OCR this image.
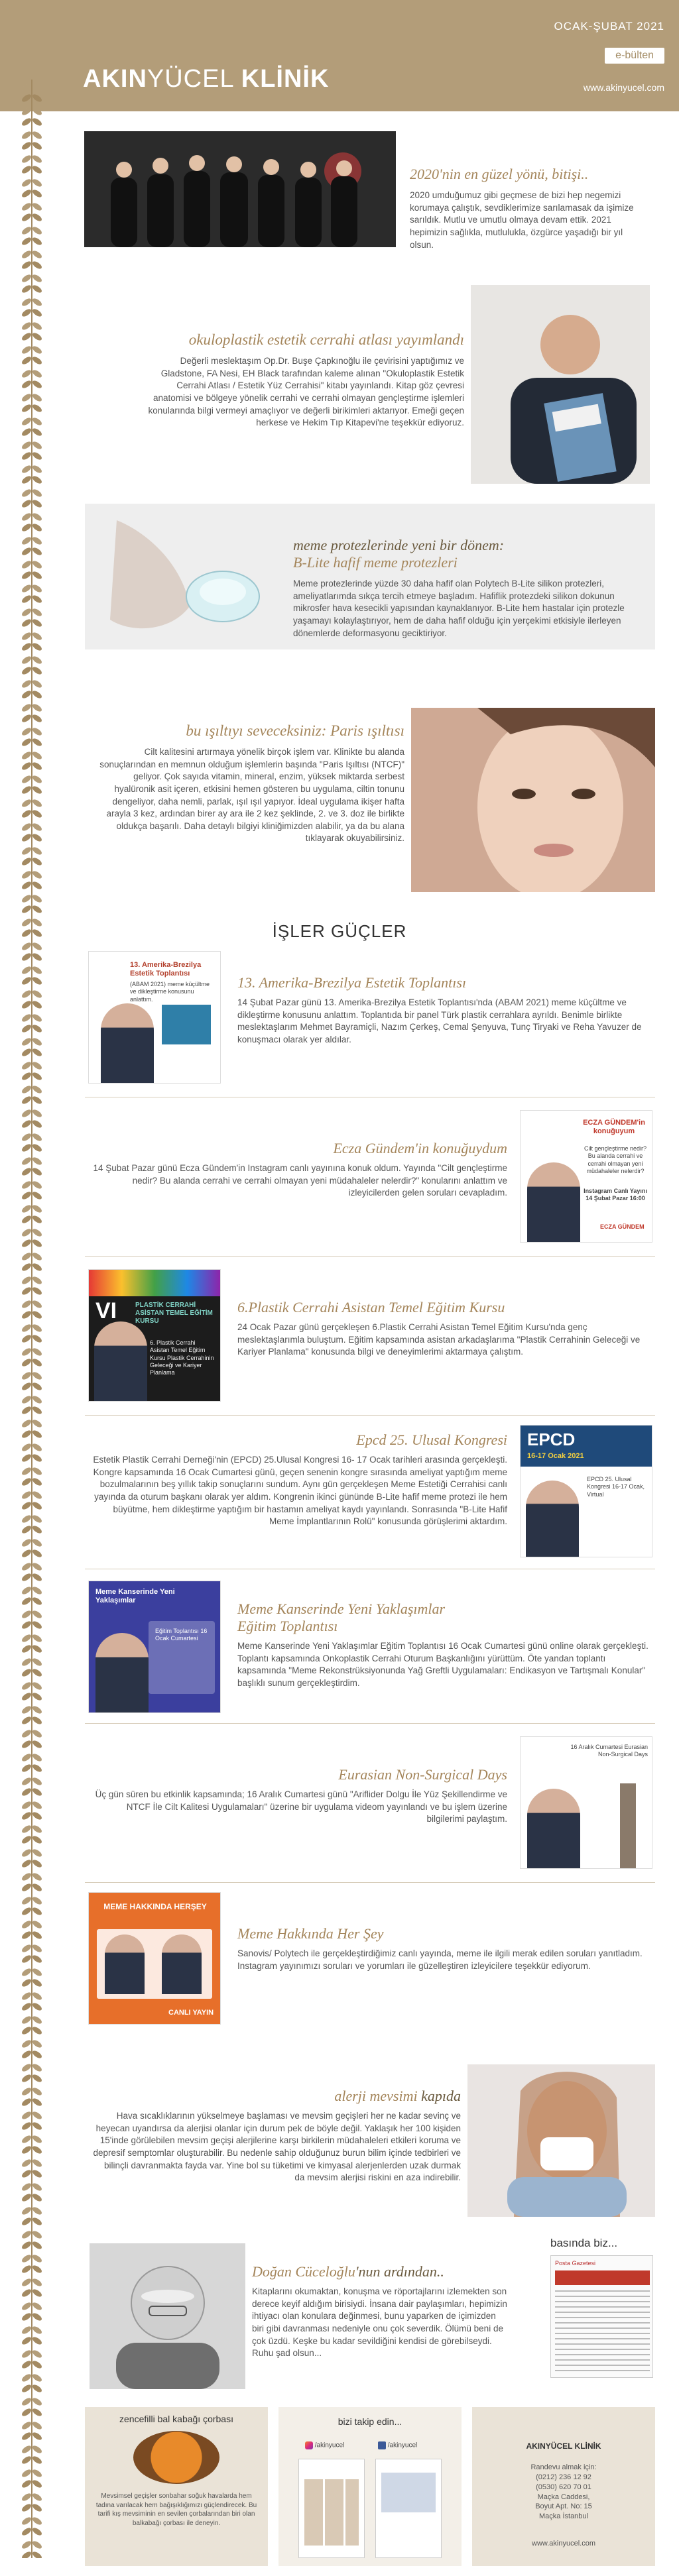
OCAK-ŞUBAT 2021
e-bülten
AKINYÜCEL KLİNİK	www.akinyucel.com
2020'nin en güzel yönü, bitişi..
2020 umduğumuz gibi geçmese de bizi hep negemizi korumaya çalıştık, sevdiklerimize sarılamasak da işimize sarıldık. Mutlu ve umutlu olmaya devam ettik. 2021 hepimizin sağlıkla, mutlulukla, özgürce yaşadığı bir yıl olsun.
okuloplastik estetik cerrahi atlası yayımlandı
Değerli meslektaşım Op.Dr. Buşe Çapkınoğlu ile çevirisini yaptığımız ve Gladstone, FA Nesi, EH Black tarafından kaleme alınan "Okuloplastik Estetik Cerrahi Atlası / Estetik Yüz Cerrahisi" kitabı yayınlandı. Kitap göz çevresi anatomisi ve bölgeye yönelik cerrahi ve cerrahi olmayan gençleştirme işlemleri konularında bilgi vermeyi amaçlıyor ve değerli birikimleri aktarıyor. Emeği geçen herkese ve Hekim Tıp Kitapevi'ne teşekkür ediyoruz.
meme protezlerinde yeni bir dönem:
B-Lite hafif meme protezleri
Meme protezlerinde yüzde 30 daha hafif olan Polytech B-Lite silikon protezleri, ameliyatlarımda sıkça tercih etmeye başladım. Hafiflik protezdeki silikon dokunun mikrosfer hava kesecikli yapısından kaynaklanıyor. B-Lite hem hastalar için protezle yaşamayı kolaylaştırıyor, hem de daha hafif olduğu için yerçekimi etkisiyle ilerleyen dönemlerde deformasyonu geciktiriyor.
bu ışıltıyı seveceksiniz: Paris ışıltısı
Cilt kalitesini artırmaya yönelik birçok işlem var. Klinikte bu alanda sonuçlarından en memnun olduğum işlemlerin başında "Paris Işıltısı (NTCF)" geliyor. Çok sayıda vitamin, mineral, enzim, yüksek miktarda serbest hyalüronik asit içeren, etkisini hemen gösteren bu uygulama, ciltin tonunu dengeliyor, daha nemli, parlak, ışıl ışıl yapıyor. İdeal uygulama ikişer hafta arayla 3 kez, ardından birer ay ara ile 2 kez şeklinde, 2. ve 3. doz ile birlikte oldukça başarılı. Daha detaylı bilgiyi kliniğimizden alabilir, ya da bu alana tıklayarak okuyabilirsiniz.
İŞLER GÜÇLER
13. Amerika-Brezilya Estetik Toplantısı
(ABAM 2021) meme küçültme ve dikleştirme konusunu anlattım.
13. Amerika-Brezilya Estetik Toplantısı
14 Şubat Pazar günü 13. Amerika-Brezilya Estetik Toplantısı'nda (ABAM 2021) meme küçültme ve dikleştirme konusunu anlattım. Toplantıda bir panel Türk plastik cerrahlara ayrıldı. Benimle birlikte meslektaşlarım Mehmet Bayramiçli, Nazım Çerkeş, Cemal Şenyuva, Tunç Tiryaki ve Reha Yavuzer de konuşmacı olarak yer aldılar.
Ecza Gündem'in konuğuydum
14 Şubat Pazar günü Ecza Gündem'in Instagram canlı yayınına konuk oldum. Yayında "Cilt gençleştirme nedir? Bu alanda cerrahi ve cerrahi olmayan yeni müdahaleler nelerdir?" konularını anlattım ve izleyicilerden gelen soruları cevapladım.
ECZA GÜNDEM'in konuğuyum
Cilt gençleştirme nedir? Bu alanda cerrahi ve cerrahi olmayan yeni müdahaleler nelerdir?
Instagram Canlı Yayını 14 Şubat Pazar 16:00
ECZA GÜNDEM
VI	PLASTİK CERRAHİ ASİSTAN TEMEL EĞİTİM KURSU
6. Plastik Cerrahi Asistan Temel Eğitim Kursu Plastik Cerrahinin Geleceği ve Kariyer Planlama
6.Plastik Cerrahi Asistan Temel Eğitim Kursu
24 Ocak Pazar günü gerçekleşen 6.Plastik Cerrahi Asistan Temel Eğitim Kursu'nda genç meslektaşlarımla buluştum. Eğitim kapsamında asistan arkadaşlarıma "Plastik Cerrahinin Geleceği ve Kariyer Planlama" konusunda bilgi ve deneyimlerimi aktarmaya çalıştım.
Epcd 25. Ulusal Kongresi
Estetik Plastik Cerrahi Derneği'nin (EPCD) 25.Ulusal Kongresi 16- 17 Ocak tarihleri arasında gerçekleşti. Kongre kapsamında 16 Ocak Cumartesi günü, geçen senenin kongre sırasında ameliyat yaptığım meme bozulmalarının beş yıllık takip sonuçlarını sundum. Aynı gün gerçekleşen Meme Estetiği Cerrahisi canlı yayında da oturum başkanı olarak yer aldım. Kongrenin ikinci gününde B-Lite hafif meme protezi ile hem büyütme, hem dikleştirme yaptığım bir hastamın ameliyat kaydı yayınlandı. Sonrasında "B-Lite Hafif Meme İmplantlarının Rolü" konusunda görüşlerimi aktardım.
EPCD
16-17 Ocak 2021
EPCD 25. Ulusal Kongresi 16-17 Ocak, Virtual
Meme Kanserinde Yeni Yaklaşımlar
Eğitim Toplantısı 16 Ocak Cumartesi
Meme Kanserinde Yeni Yaklaşımlar
Eğitim Toplantısı
Meme Kanserinde Yeni Yaklaşımlar Eğitim Toplantısı 16 Ocak Cumartesi günü online olarak gerçekleşti. Toplantı kapsamında Onkoplastik Cerrahi Oturum Başkanlığını yürüttüm. Öte yandan toplantı kapsamında "Meme Rekonstrüksiyonunda Yağ Greftli Uygulamaları: Endikasyon ve Tartışmalı Konular" başlıklı sunum gerçekleştirdim.
Eurasian Non-Surgical Days
Üç gün süren bu etkinlik kapsamında; 16 Aralık Cumartesi günü "Ariflider Dolgu İle Yüz Şekillendirme ve NTCF İle Cilt Kalitesi Uygulamaları" üzerine bir uygulama videom yayınlandı ve bu işlem üzerine bilgilerimi paylaştım.
16 Aralık Cumartesi Eurasian Non-Surgical Days
MEME HAKKINDA HERŞEY
CANLI YAYIN
Meme Hakkında Her Şey
Sanovis/ Polytech ile gerçekleştirdiğimiz canlı yayında, meme ile ilgili merak edilen soruları yanıtladım. Instagram yayınımızı soruları ve yorumları ile güzelleştiren izleyicilere teşekkür ediyorum.
alerji mevsimi kapıda
Hava sıcaklıklarının yükselmeye başlaması ve mevsim geçişleri her ne kadar sevinç ve heyecan uyandırsa da alerjisi olanlar için durum pek de böyle değil. Yaklaşık her 100 kişiden 15'inde görülebilen mevsim geçişi alerjilerine karşı birkilerin müdahaleleri etkileri koruma ve depresif semptomlar oluşturabilir. Bu nedenle sahip olduğunuz burun bilim içinde tedbirleri ve bilinçli davranmakta fayda var. Yine bol su tüketimi ve kimyasal alerjenlerden uzak durmak da mevsim alerjisi riskini en aza indirebilir.
Doğan Cüceloğlu'nun ardından..
Kitaplarını okumaktan, konuşma ve röportajlarını izlemekten son derece keyif aldığım birisiydi. İnsana dair paylaşımları, hepimizin ihtiyacı olan konulara değinmesi, bunu yaparken de içimizden biri gibi davranması nedeniyle onu çok severdik. Ölümü beni de çok üzdü. Keşke bu kadar sevildiğini kendisi de görebilseydi. Ruhu şad olsun...
basında biz...
Posta Gazetesi
zencefilli bal kabağı çorbası
Mevsimsel geçişler sonbahar soğuk havalarda hem tadına varılacak hem bağışıklığımızı güçlendirecek. Bu tarifi kış mevsiminin en sevilen çorbalarından biri olan balkabağı çorbası ile deneyin.
bizi takip edin...
/akinyucel	/akinyucel	AKINYÜCEL KLİNİK
Randevu almak için:
(0212) 236 12 92
(0530) 620 70 01
Maçka Caddesi,
Boyut Apt. No: 15
Maçka İstanbul
www.akinyucel.com
